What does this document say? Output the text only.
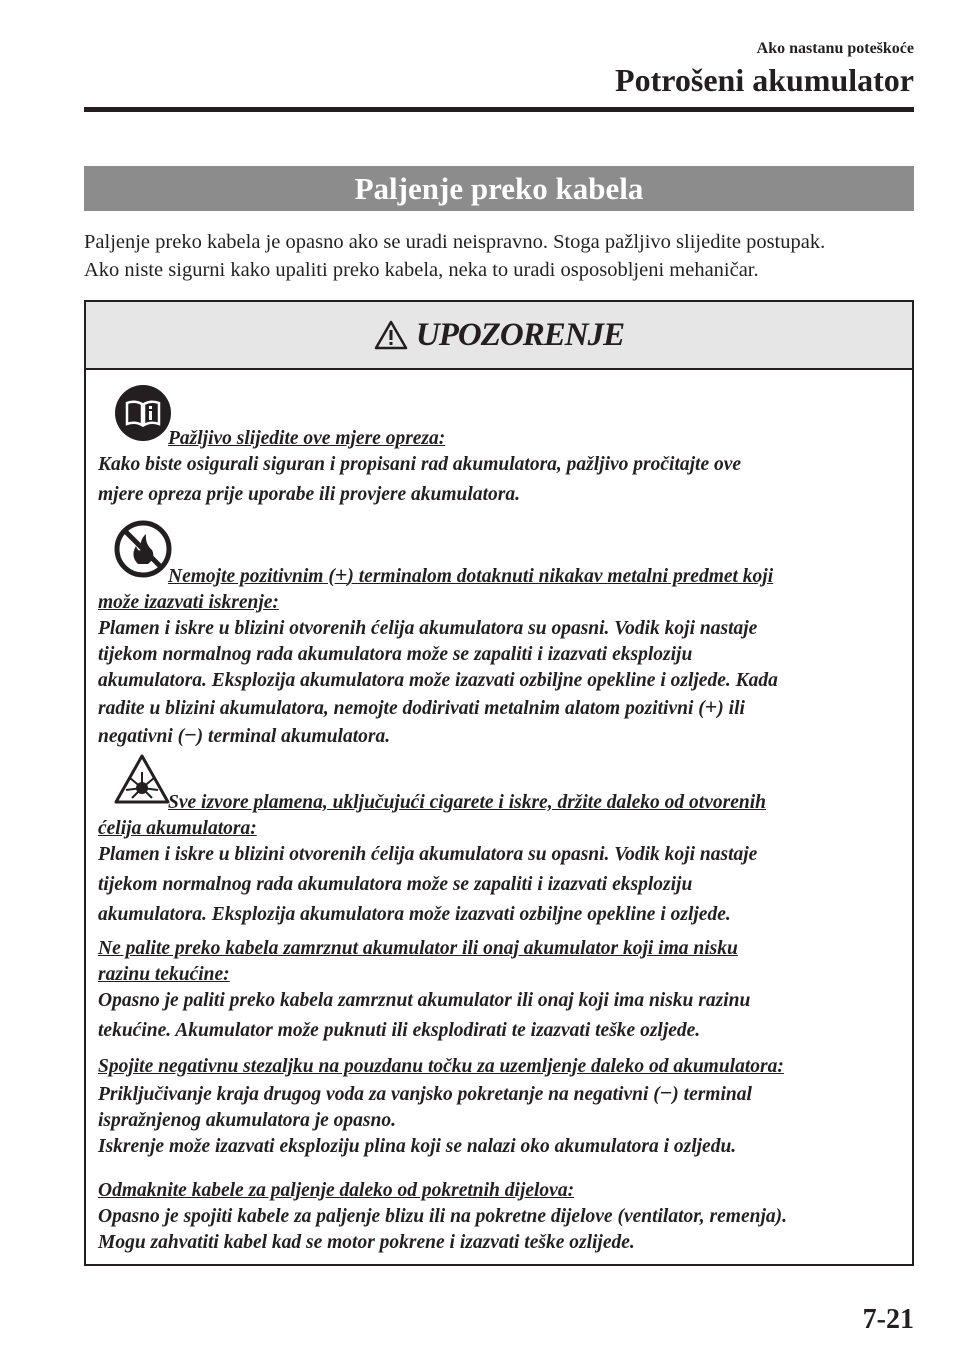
Ako nastanu poteškoće
Potrošeni akumulator
Paljenje preko kabela
Paljenje preko kabela je opasno ako se uradi neispravno. Stoga pažljivo slijedite postupak.
Ako niste sigurni kako upaliti preko kabela, neka to uradi osposobljeni mehaničar.
UPOZORENJE
Pažljivo slijedite ove mjere opreza:
Kako biste osigurali siguran i propisani rad akumulatora, pažljivo pročitajte ove
mjere opreza prije uporabe ili provjere akumulatora.
Nemojte pozitivnim (+) terminalom dotaknuti nikakav metalni predmet koji
može izazvati iskrenje:
Plamen i iskre u blizini otvorenih ćelija akumulatora su opasni. Vodik koji nastaje
tijekom normalnog rada akumulatora može se zapaliti i izazvati eksploziju
akumulatora. Eksplozija akumulatora može izazvati ozbiljne opekline i ozljede. Kada
radite u blizini akumulatora, nemojte dodirivati metalnim alatom pozitivni (+) ili
negativni (−) terminal akumulatora.
Sve izvore plamena, uključujući cigarete i iskre, držite daleko od otvorenih
ćelija akumulatora:
Plamen i iskre u blizini otvorenih ćelija akumulatora su opasni. Vodik koji nastaje
tijekom normalnog rada akumulatora može se zapaliti i izazvati eksploziju
akumulatora. Eksplozija akumulatora može izazvati ozbiljne opekline i ozljede.
Ne palite preko kabela zamrznut akumulator ili onaj akumulator koji ima nisku
razinu tekućine:
Opasno je paliti preko kabela zamrznut akumulator ili onaj koji ima nisku razinu
tekućine. Akumulator može puknuti ili eksplodirati te izazvati teške ozljede.
Spojite negativnu stezaljku na pouzdanu točku za uzemljenje daleko od akumulatora:
Priključivanje kraja drugog voda za vanjsko pokretanje na negativni (−) terminal
ispražnjenog akumulatora je opasno.
Iskrenje može izazvati eksploziju plina koji se nalazi oko akumulatora i ozljedu.
Odmaknite kabele za paljenje daleko od pokretnih dijelova:
Opasno je spojiti kabele za paljenje blizu ili na pokretne dijelove (ventilator, remenja).
Mogu zahvatiti kabel kad se motor pokrene i izazvati teške ozlijede.
7-21
